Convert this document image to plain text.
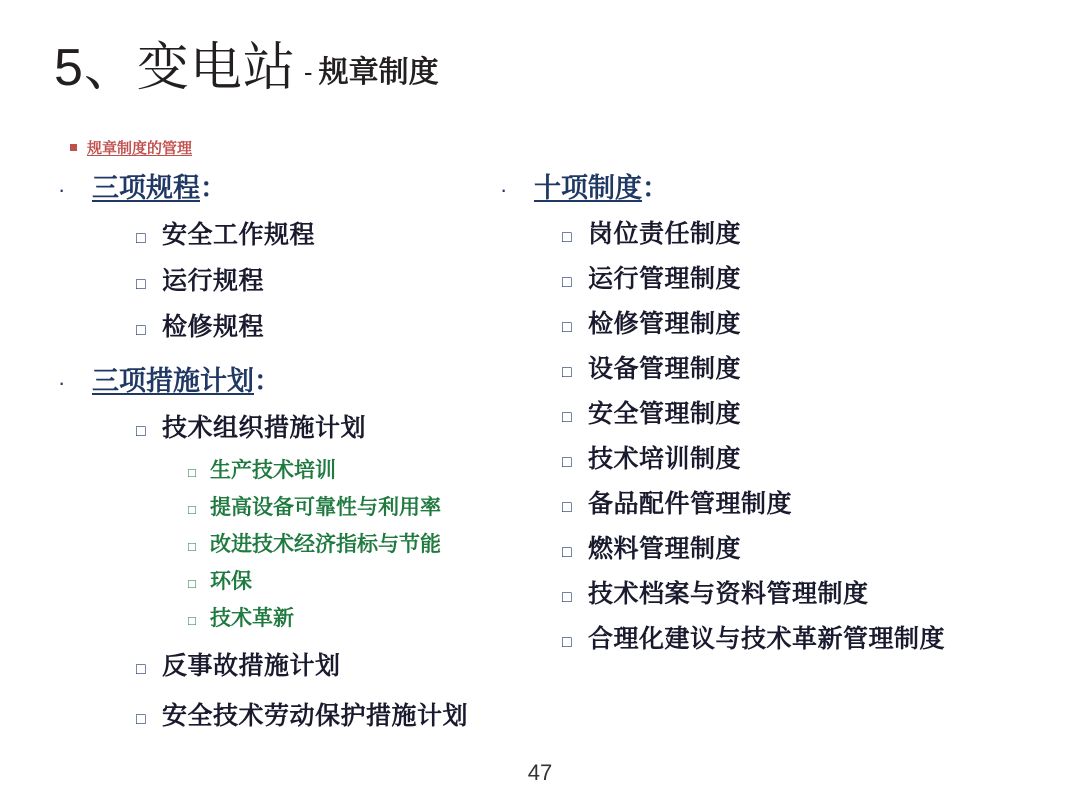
5、变电站 - 规章制度
规章制度的管理
· 三项规程：
□ 安全工作规程
□ 运行规程
□ 检修规程
· 三项措施计划：
□ 技术组织措施计划
□ 生产技术培训
□ 提高设备可靠性与利用率
□ 改进技术经济指标与节能
□ 环保
□ 技术革新
□ 反事故措施计划
□ 安全技术劳动保护措施计划
· 十项制度：
□ 岗位责任制度
□ 运行管理制度
□ 检修管理制度
□ 设备管理制度
□ 安全管理制度
□ 技术培训制度
□ 备品配件管理制度
□ 燃料管理制度
□ 技术档案与资料管理制度
□ 合理化建议与技术革新管理制度
47
